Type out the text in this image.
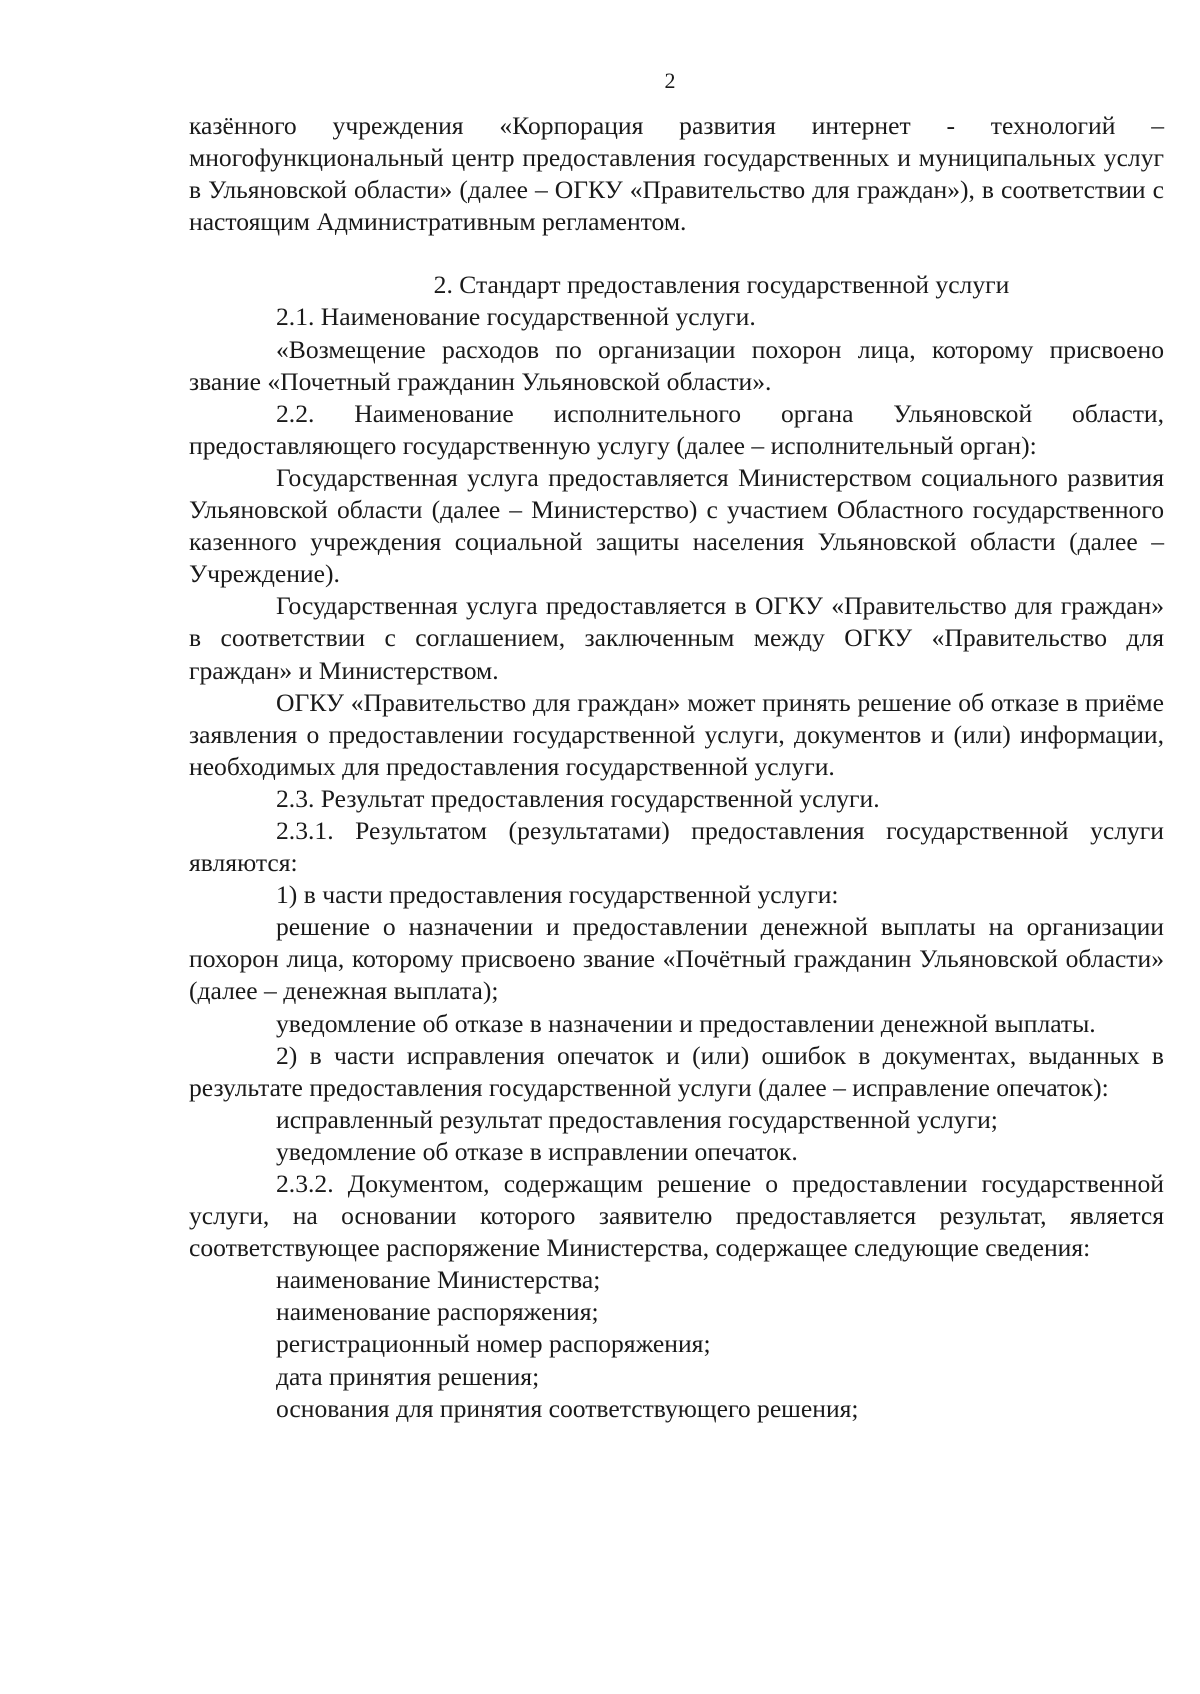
2

казённого учреждения «Корпорация развития интернет - технологий – многофункциональный центр предоставления государственных и муниципальных услуг в Ульяновской области» (далее – ОГКУ «Правительство для граждан»), в соответствии с настоящим Административным регламентом.

2. Стандарт предоставления государственной услуги

2.1. Наименование государственной услуги.

«Возмещение расходов по организации похорон лица, которому присвоено звание «Почетный гражданин Ульяновской области».

2.2. Наименование исполнительного органа Ульяновской области, предоставляющего государственную услугу (далее – исполнительный орган):

Государственная услуга предоставляется Министерством социального развития Ульяновской области (далее – Министерство) с участием Областного государственного казенного учреждения социальной защиты населения Ульяновской области (далее – Учреждение).

Государственная услуга предоставляется в ОГКУ «Правительство для граждан» в соответствии с соглашением, заключенным между ОГКУ «Правительство для граждан» и Министерством.

ОГКУ «Правительство для граждан» может принять решение об отказе в приёме заявления о предоставлении государственной услуги, документов и (или) информации, необходимых для предоставления государственной услуги.

2.3. Результат предоставления государственной услуги.

2.3.1. Результатом (результатами) предоставления государственной услуги являются:

1) в части предоставления государственной услуги:

решение о назначении и предоставлении денежной выплаты на организации похорон лица, которому присвоено звание «Почётный гражданин Ульяновской области» (далее – денежная выплата);

уведомление об отказе в назначении и предоставлении денежной выплаты.

2) в части исправления опечаток и (или) ошибок в документах, выданных в результате предоставления государственной услуги (далее – исправление опечаток):

исправленный результат предоставления государственной услуги;

уведомление об отказе в исправлении опечаток.

2.3.2. Документом, содержащим решение о предоставлении государственной услуги, на основании которого заявителю предоставляется результат, является соответствующее распоряжение Министерства, содержащее следующие сведения:

наименование Министерства;

наименование распоряжения;

регистрационный номер распоряжения;

дата принятия решения;

основания для принятия соответствующего решения;
